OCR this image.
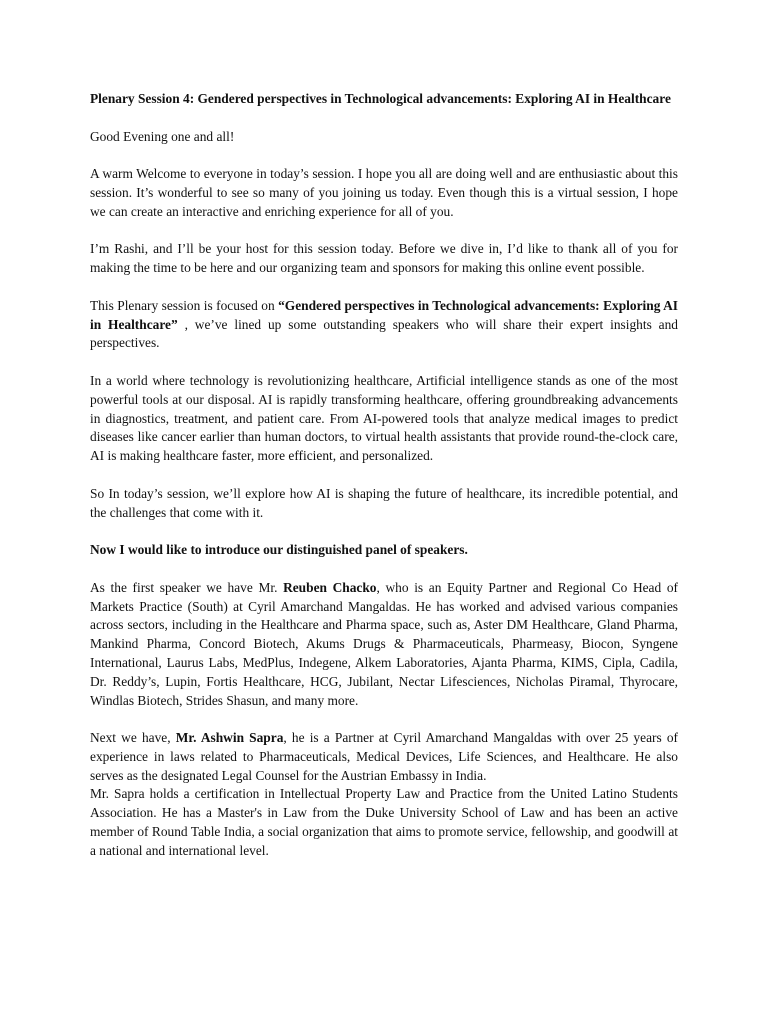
Plenary Session 4: Gendered perspectives in Technological advancements: Exploring AI in Healthcare

Good Evening one and all!

A warm Welcome to everyone in today’s session. I hope you all are doing well and are enthusiastic about this session. It’s wonderful to see so many of you joining us today. Even though this is a virtual session, I hope we can create an interactive and enriching experience for all of you.

I’m Rashi, and I’ll be your host for this session today. Before we dive in, I’d like to thank all of you for making the time to be here and our organizing team and sponsors for making this online event possible.

This Plenary session is focused on “Gendered perspectives in Technological advancements: Exploring AI in Healthcare” , we’ve lined up some outstanding speakers who will share their expert insights and perspectives.

In a world where technology is revolutionizing healthcare, Artificial intelligence stands as one of the most powerful tools at our disposal. AI is rapidly transforming healthcare, offering groundbreaking advancements in diagnostics, treatment, and patient care. From AI-powered tools that analyze medical images to predict diseases like cancer earlier than human doctors, to virtual health assistants that provide round-the-clock care, AI is making healthcare faster, more efficient, and personalized.

So In today’s session, we’ll explore how AI is shaping the future of healthcare, its incredible potential, and the challenges that come with it.

Now I would like to introduce our distinguished panel of speakers.

As the first speaker we have Mr. Reuben Chacko, who is an Equity Partner and Regional Co Head of Markets Practice (South) at Cyril Amarchand Mangaldas. He has worked and advised various companies across sectors, including in the Healthcare and Pharma space, such as, Aster DM Healthcare, Gland Pharma, Mankind Pharma, Concord Biotech, Akums Drugs & Pharmaceuticals, Pharmeasy, Biocon, Syngene International, Laurus Labs, MedPlus, Indegene, Alkem Laboratories, Ajanta Pharma, KIMS, Cipla, Cadila, Dr. Reddy’s, Lupin, Fortis Healthcare, HCG, Jubilant, Nectar Lifesciences, Nicholas Piramal, Thyrocare, Windlas Biotech, Strides Shasun, and many more.

Next we have, Mr. Ashwin Sapra, he is a Partner at Cyril Amarchand Mangaldas with over 25 years of experience in laws related to Pharmaceuticals, Medical Devices, Life Sciences, and Healthcare. He also serves as the designated Legal Counsel for the Austrian Embassy in India.

Mr. Sapra holds a certification in Intellectual Property Law and Practice from the United Latino Students Association. He has a Master's in Law from the Duke University School of Law and has been an active member of Round Table India, a social organization that aims to promote service, fellowship, and goodwill at a national and international level.
